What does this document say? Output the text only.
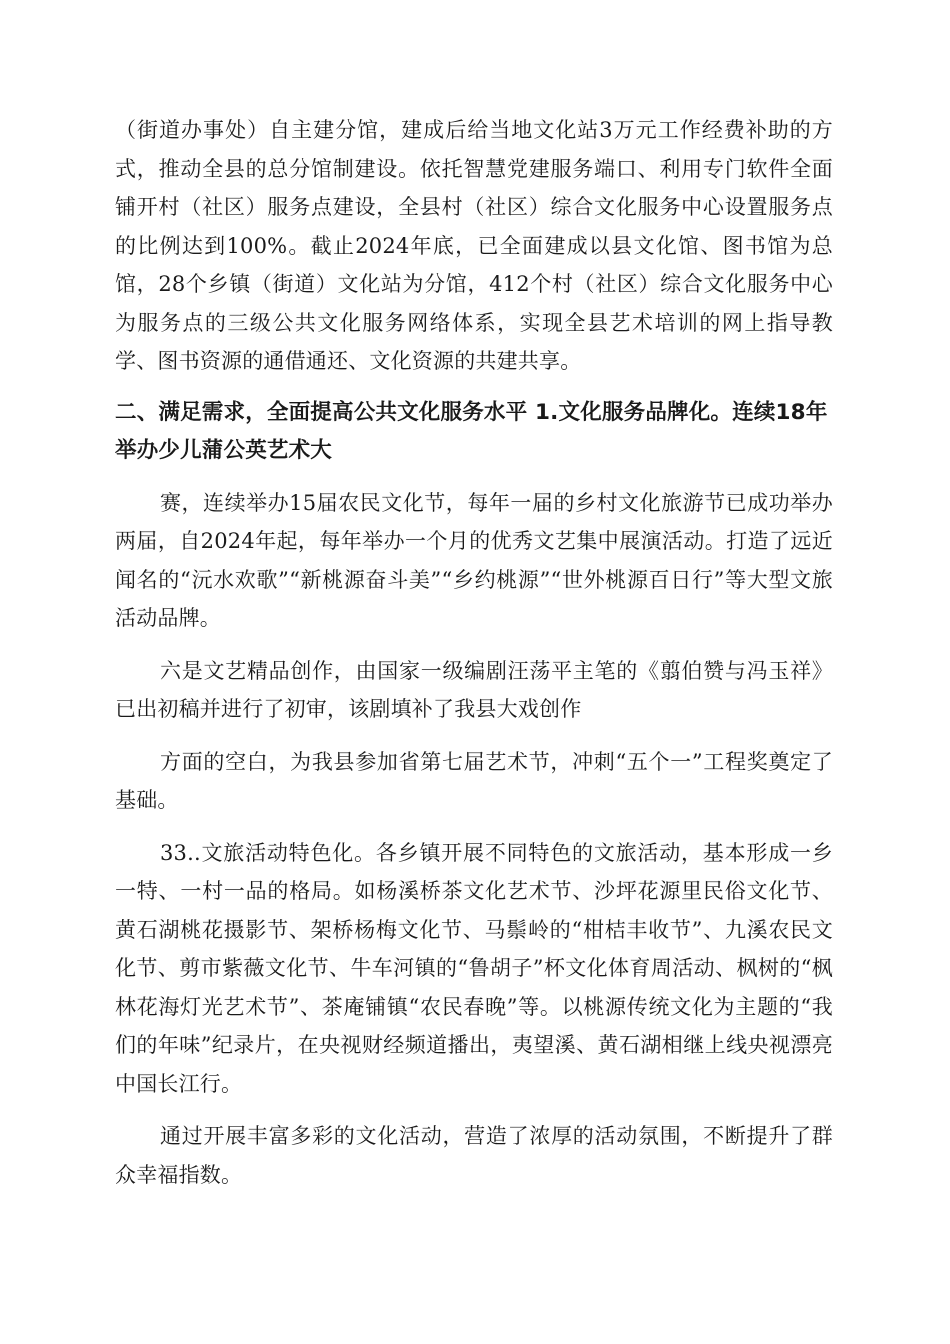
（街道办事处）自主建分馆，建成后给当地文化站3万元工作经费补助的方式，推动全县的总分馆制建设。依托智慧党建服务端口、利用专门软件全面铺开村（社区）服务点建设，全县村（社区）综合文化服务中心设置服务点的比例达到100%。截止2024年底，已全面建成以县文化馆、图书馆为总馆，28个乡镇（街道）文化站为分馆，412个村（社区）综合文化服务中心为服务点的三级公共文化服务网络体系，实现全县艺术培训的网上指导教学、图书资源的通借通还、文化资源的共建共享。

二、满足需求，全面提高公共文化服务水平 1.文化服务品牌化。连续18年举办少儿蒲公英艺术大

赛，连续举办15届农民文化节，每年一届的乡村文化旅游节已成功举办两届，自2024年起，每年举办一个月的优秀文艺集中展演活动。打造了远近闻名的“沅水欢歌”“新桃源奋斗美”“乡约桃源”“世外桃源百日行”等大型文旅活动品牌。

六是文艺精品创作，由国家一级编剧汪荡平主笔的《翦伯赞与冯玉祥》已出初稿并进行了初审，该剧填补了我县大戏创作

方面的空白，为我县参加省第七届艺术节，冲刺“五个一”工程奖奠定了基础。

33..文旅活动特色化。各乡镇开展不同特色的文旅活动，基本形成一乡一特、一村一品的格局。如杨溪桥茶文化艺术节、沙坪花源里民俗文化节、黄石湖桃花摄影节、架桥杨梅文化节、马鬃岭的“柑桔丰收节”、九溪农民文化节、剪市紫薇文化节、牛车河镇的“鲁胡子”杯文化体育周活动、枫树的“枫林花海灯光艺术节”、茶庵铺镇“农民春晚”等。以桃源传统文化为主题的“我们的年味”纪录片，在央视财经频道播出，夷望溪、黄石湖相继上线央视漂亮中国长江行。

通过开展丰富多彩的文化活动，营造了浓厚的活动氛围，不断提升了群众幸福指数。
